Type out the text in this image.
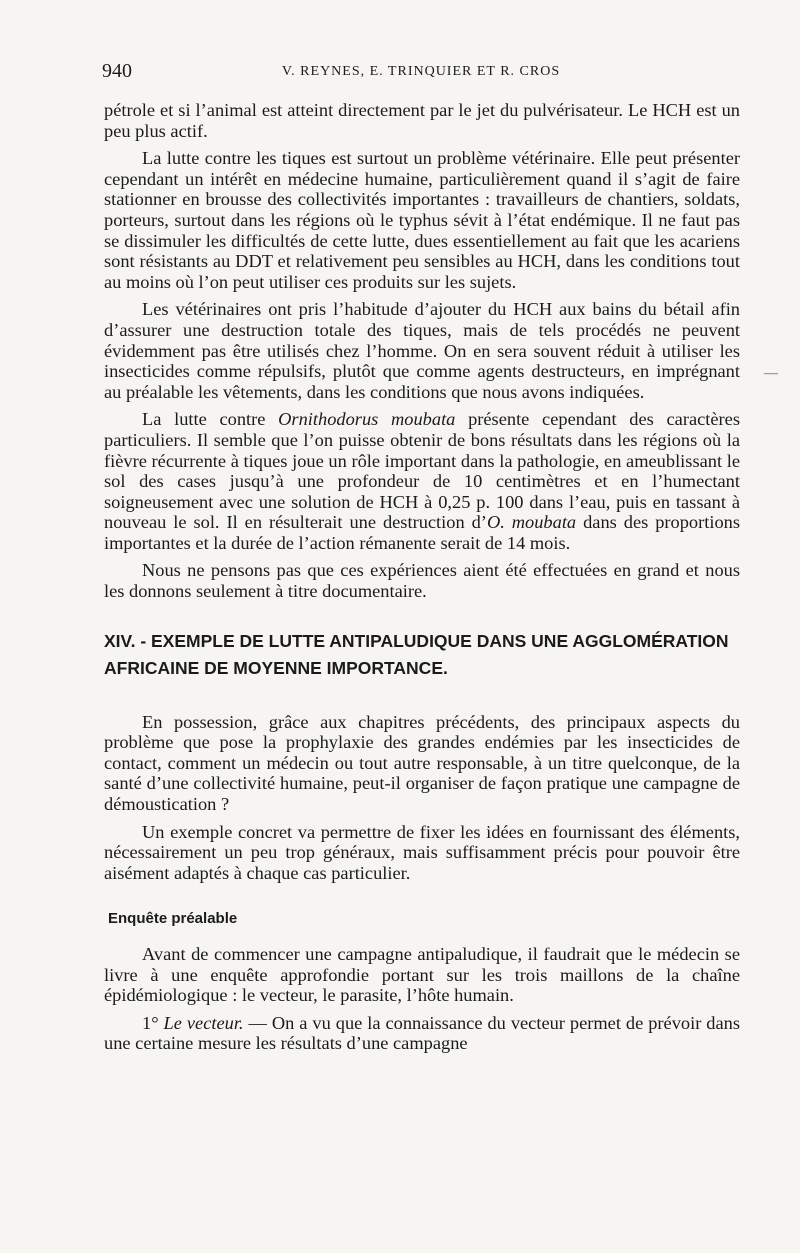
940	V. REYNES, E. TRINQUIER ET R. CROS

pétrole et si l’animal est atteint directement par le jet du pulvérisateur. Le HCH est un peu plus actif.

La lutte contre les tiques est surtout un problème vétérinaire. Elle peut présenter cependant un intérêt en médecine humaine, particulièrement quand il s’agit de faire stationner en brousse des collectivités importantes : travailleurs de chantiers, soldats, porteurs, surtout dans les régions où le typhus sévit à l’état endémique. Il ne faut pas se dissimuler les difficultés de cette lutte, dues essentiellement au fait que les acariens sont résistants au DDT et relativement peu sensibles au HCH, dans les conditions tout au moins où l’on peut utiliser ces produits sur les sujets.

Les vétérinaires ont pris l’habitude d’ajouter du HCH aux bains du bétail afin d’assurer une destruction totale des tiques, mais de tels procédés ne peuvent évidemment pas être utilisés chez l’homme. On en sera souvent réduit à utiliser les insecticides comme répulsifs, plutôt que comme agents destructeurs, en imprégnant au préalable les vêtements, dans les conditions que nous avons indiquées.

La lutte contre Ornithodorus moubata présente cependant des caractères particuliers. Il semble que l’on puisse obtenir de bons résultats dans les régions où la fièvre récurrente à tiques joue un rôle important dans la pathologie, en ameublissant le sol des cases jusqu’à une profondeur de 10 centimètres et en l’humectant soigneusement avec une solution de HCH à 0,25 p. 100 dans l’eau, puis en tassant à nouveau le sol. Il en résulterait une destruction d’O. moubata dans des proportions importantes et la durée de l’action rémanente serait de 14 mois.

Nous ne pensons pas que ces expériences aient été effectuées en grand et nous les donnons seulement à titre documentaire.

XIV. - EXEMPLE DE LUTTE ANTIPALUDIQUE DANS UNE AGGLOMÉRATION AFRICAINE DE MOYENNE IMPORTANCE.

En possession, grâce aux chapitres précédents, des principaux aspects du problème que pose la prophylaxie des grandes endémies par les insecticides de contact, comment un médecin ou tout autre responsable, à un titre quelconque, de la santé d’une collectivité humaine, peut-il organiser de façon pratique une campagne de démoustication ?

Un exemple concret va permettre de fixer les idées en fournissant des éléments, nécessairement un peu trop généraux, mais suffisamment précis pour pouvoir être aisément adaptés à chaque cas particulier.

Enquête préalable

Avant de commencer une campagne antipaludique, il faudrait que le médecin se livre à une enquête approfondie portant sur les trois maillons de la chaîne épidémiologique : le vecteur, le parasite, l’hôte humain.

1° Le vecteur. — On a vu que la connaissance du vecteur permet de prévoir dans une certaine mesure les résultats d’une campagne

—
